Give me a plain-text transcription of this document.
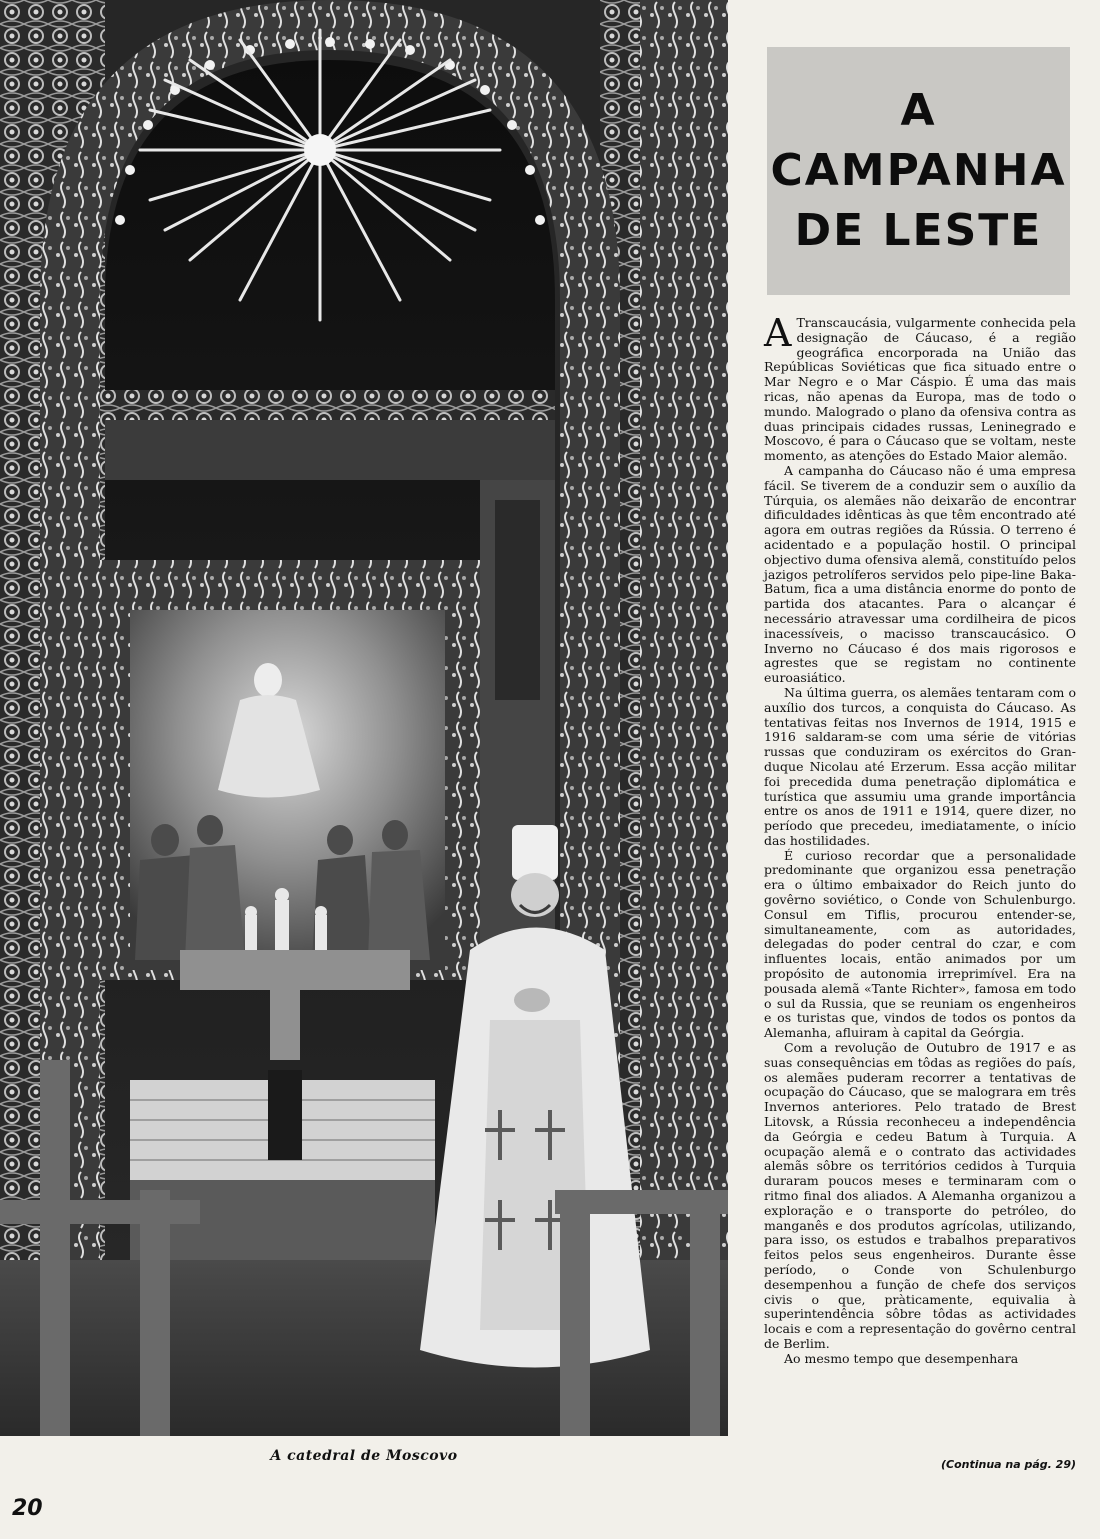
A catedral de Moscovo
20
A
CAMPANHA
DE LESTE

A Transcaucásia, vulgarmente conhecida pela designação de Cáucaso, é a região geográfica encorporada na União das Repúblicas Soviéticas que fica situado entre o Mar Negro e o Mar Cáspio. É uma das mais ricas, não apenas da Europa, mas de todo o mundo. Malogrado o plano da ofensiva contra as duas principais cidades russas, Leninegrado e Moscovo, é para o Cáucaso que se voltam, neste momento, as atenções do Estado Maior alemão.

A campanha do Cáucaso não é uma empresa fácil. Se tiverem de a conduzir sem o auxílio da Túrquia, os alemães não deixarão de encontrar dificuldades idênticas às que têm encontrado até agora em outras regiões da Rússia. O terreno é acidentado e a população hostil. O principal objectivo duma ofensiva alemã, constituído pelos jazigos petrolíferos servidos pelo pipe-line Baka-Batum, fica a uma distância enorme do ponto de partida dos atacantes. Para o alcançar é necessário atravessar uma cordilheira de picos inacessíveis, o macisso transcaucásico. O Inverno no Cáucaso é dos mais rigorosos e agrestes que se registam no continente euroasiático.

Na última guerra, os alemães tentaram com o auxílio dos turcos, a conquista do Cáucaso. As tentativas feitas nos Invernos de 1914, 1915 e 1916 saldaram-se com uma série de vitórias russas que conduziram os exércitos do Gran-duque Nicolau até Erzerum. Essa acção militar foi precedida duma penetração diplomática e turística que assumiu uma grande importância entre os anos de 1911 e 1914, quere dizer, no período que precedeu, imediatamente, o início das hostilidades.

É curioso recordar que a personalidade predominante que organizou essa penetração era o último embaixador do Reich junto do govêrno soviético, o Conde von Schulenburgo. Consul em Tiflis, procurou entender-se, simultaneamente, com as autoridades, delegadas do poder central do czar, e com influentes locais, então animados por um propósito de autonomia irreprimível. Era na pousada alemã «Tante Richter», famosa em todo o sul da Russia, que se reuniam os engenheiros e os turistas que, vindos de todos os pontos da Alemanha, afluiram à capital da Geórgia.

Com a revolução de Outubro de 1917 e as suas consequências em tôdas as regiões do país, os alemães puderam recorrer a tentativas de ocupação do Cáucaso, que se malograra em três Invernos anteriores. Pelo tratado de Brest Litovsk, a Rússia reconheceu a independência da Geórgia e cedeu Batum à Turquia. A ocupação alemã e o contrato das actividades alemãs sôbre os territórios cedidos à Turquia duraram poucos meses e terminaram com o ritmo final dos aliados. A Alemanha organizou a exploração e o transporte do petróleo, do manganês e dos produtos agrícolas, utilizando, para isso, os estudos e trabalhos preparativos feitos pelos seus engenheiros. Durante êsse período, o Conde von Schulenburgo desempenhou a função de chefe dos serviços civis o que, pràticamente, equivalia à superintendência sôbre tôdas as actividades locais e com a representação do govêrno central de Berlim.

Ao mesmo tempo que desempenhara

(Continua na pág. 29)
